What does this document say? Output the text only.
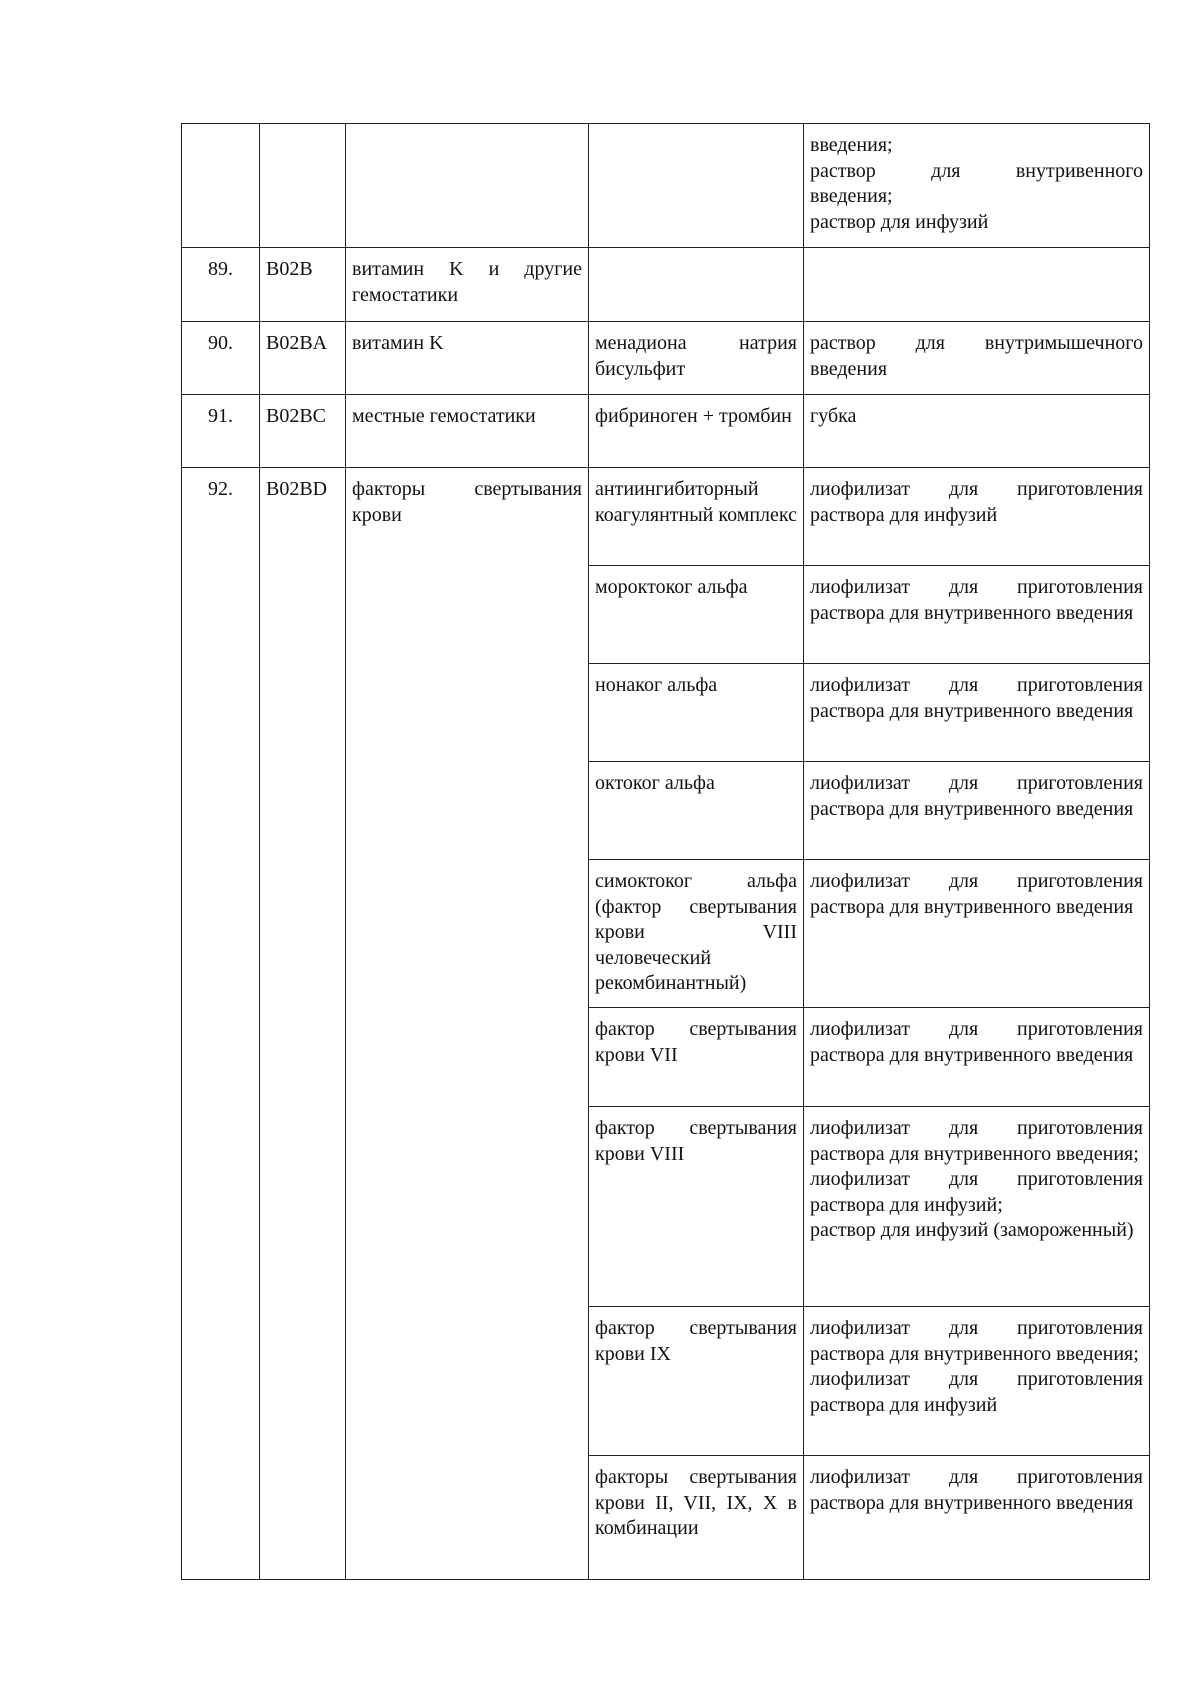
				введения;
раствор для внутривенного
введения;
раствор для инфузий

89.	B02B	витамин K и другие гемостатики		
90.	B02BA	витамин K	менадиона натрия бисульфит	раствор для внутримышечного введения
91.	B02BC	местные гемостатики	фибриноген + тромбин	губка
92.	B02BD	факторы свертывания крови	антиингибиторный коагулянтный комплекс	лиофилизат для приготовления раствора для инфузий
			мороктоког альфа	лиофилизат для приготовления раствора для внутривенного введения
			нонаког альфа	лиофилизат для приготовления раствора для внутривенного введения
			октоког альфа	лиофилизат для приготовления раствора для внутривенного введения
			симоктоког альфа (фактор свертывания крови VIII человеческий рекомбинантный)	лиофилизат для приготовления раствора для внутривенного введения
			фактор свертывания крови VII	лиофилизат для приготовления раствора для внутривенного введения
			фактор свертывания крови VIII	лиофилизат для приготовления раствора для внутривенного введения;
лиофилизат для приготовления раствора для инфузий;
раствор для инфузий (замороженный)

			фактор свертывания крови IX	лиофилизат для приготовления раствора для внутривенного введения;
лиофилизат для приготовления раствора для инфузий

			факторы свертывания крови II, VII, IX, X в комбинации	лиофилизат для приготовления раствора для внутривенного введения
